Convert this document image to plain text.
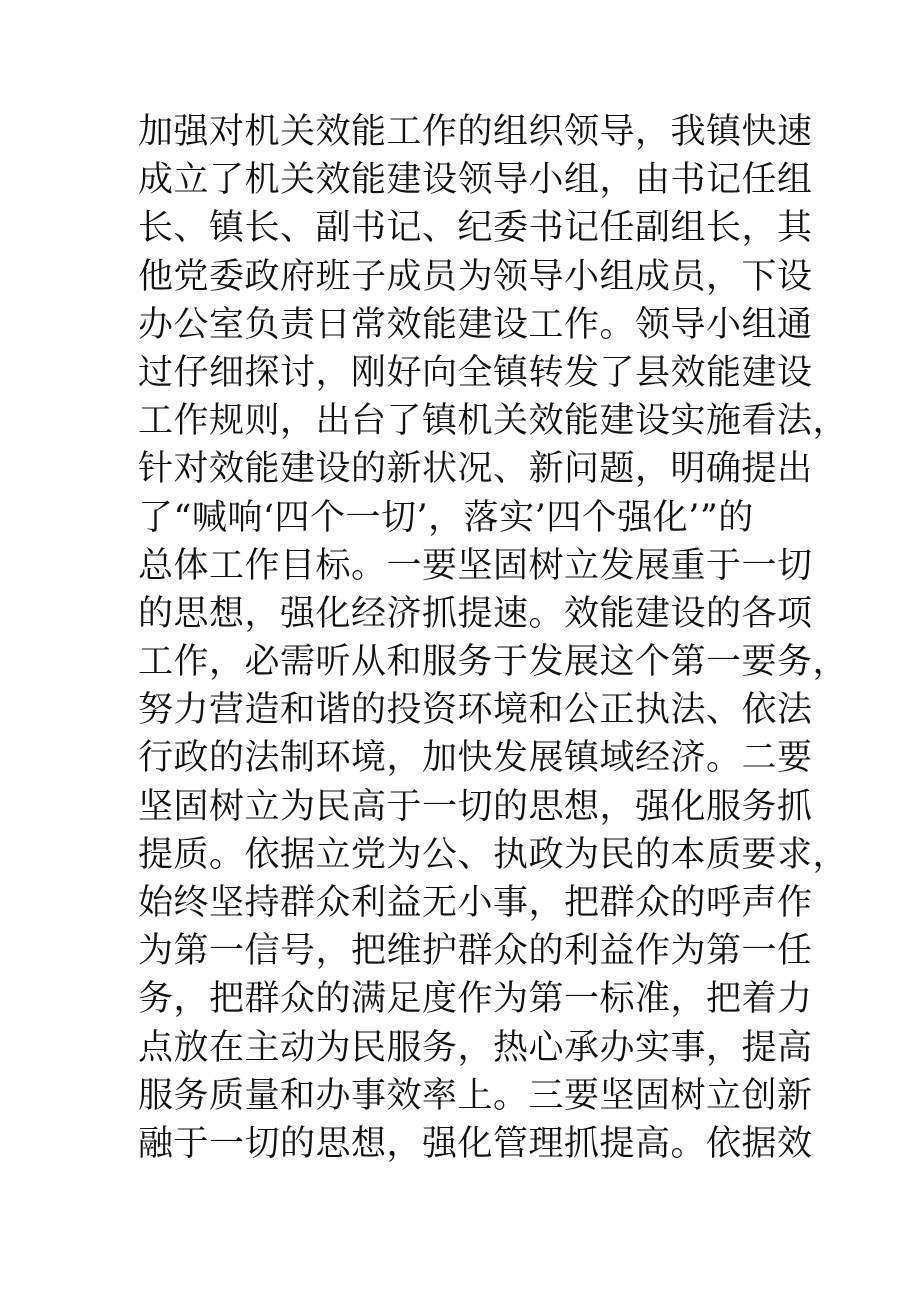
加强对机关效能工作的组织领导，我镇快速
成立了机关效能建设领导小组，由书记任组
长、镇长、副书记、纪委书记任副组长，其
他党委政府班子成员为领导小组成员，下设
办公室负责日常效能建设工作。领导小组通
过仔细探讨，刚好向全镇转发了县效能建设
工作规则，出台了镇机关效能建设实施看法，
针对效能建设的新状况、新问题，明确提出
了“喊响‘四个一切’，落实’四个强化’”的
总体工作目标。一要坚固树立发展重于一切
的思想，强化经济抓提速。效能建设的各项
工作，必需听从和服务于发展这个第一要务，
努力营造和谐的投资环境和公正执法、依法
行政的法制环境，加快发展镇域经济。二要
坚固树立为民高于一切的思想，强化服务抓
提质。依据立党为公、执政为民的本质要求，
始终坚持群众利益无小事，把群众的呼声作
为第一信号，把维护群众的利益作为第一任
务，把群众的满足度作为第一标准，把着力
点放在主动为民服务，热心承办实事，提高
服务质量和办事效率上。三要坚固树立创新
融于一切的思想，强化管理抓提高。依据效
